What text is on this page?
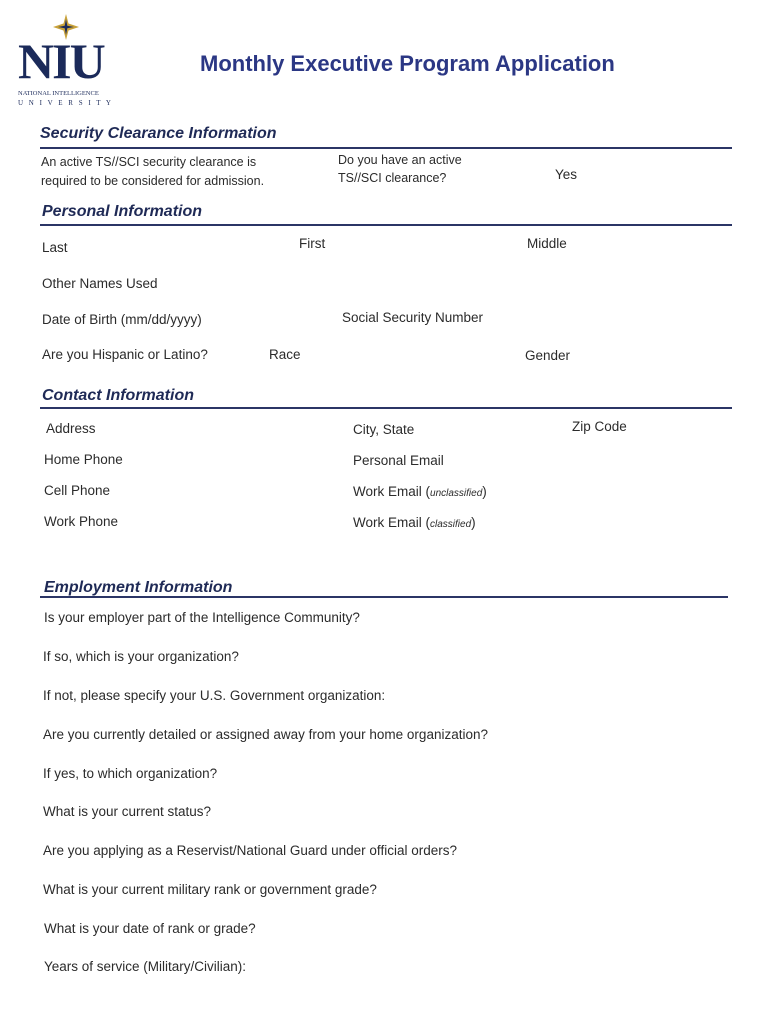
NIU
NATIONAL INTELLIGENCE
U N I V E R S I T Y
Monthly Executive Program Application
Security Clearance Information
An active TS//SCI security clearance is
required to be considered for admission.
Do you have an active
TS//SCI clearance?	Yes
Personal Information
Last	First	Middle
Other Names Used
Date of Birth (mm/dd/yyyy)	Social Security Number
Are you Hispanic or Latino?	Race	Gender
Contact Information
Address	City, State	Zip Code
Home Phone	Personal Email
Cell Phone	Work Email (unclassified)
Work Phone	Work Email (classified)
Employment Information
Is your employer part of the Intelligence Community?
If so, which is your organization?
If not, please specify your U.S. Government organization:
Are you currently detailed or assigned away from your home organization?
If yes, to which organization?
What is your current status?
Are you applying as a Reservist/National Guard under official orders?
What is your current military rank or government grade?
What is your date of rank or grade?
Years of service (Military/Civilian):
